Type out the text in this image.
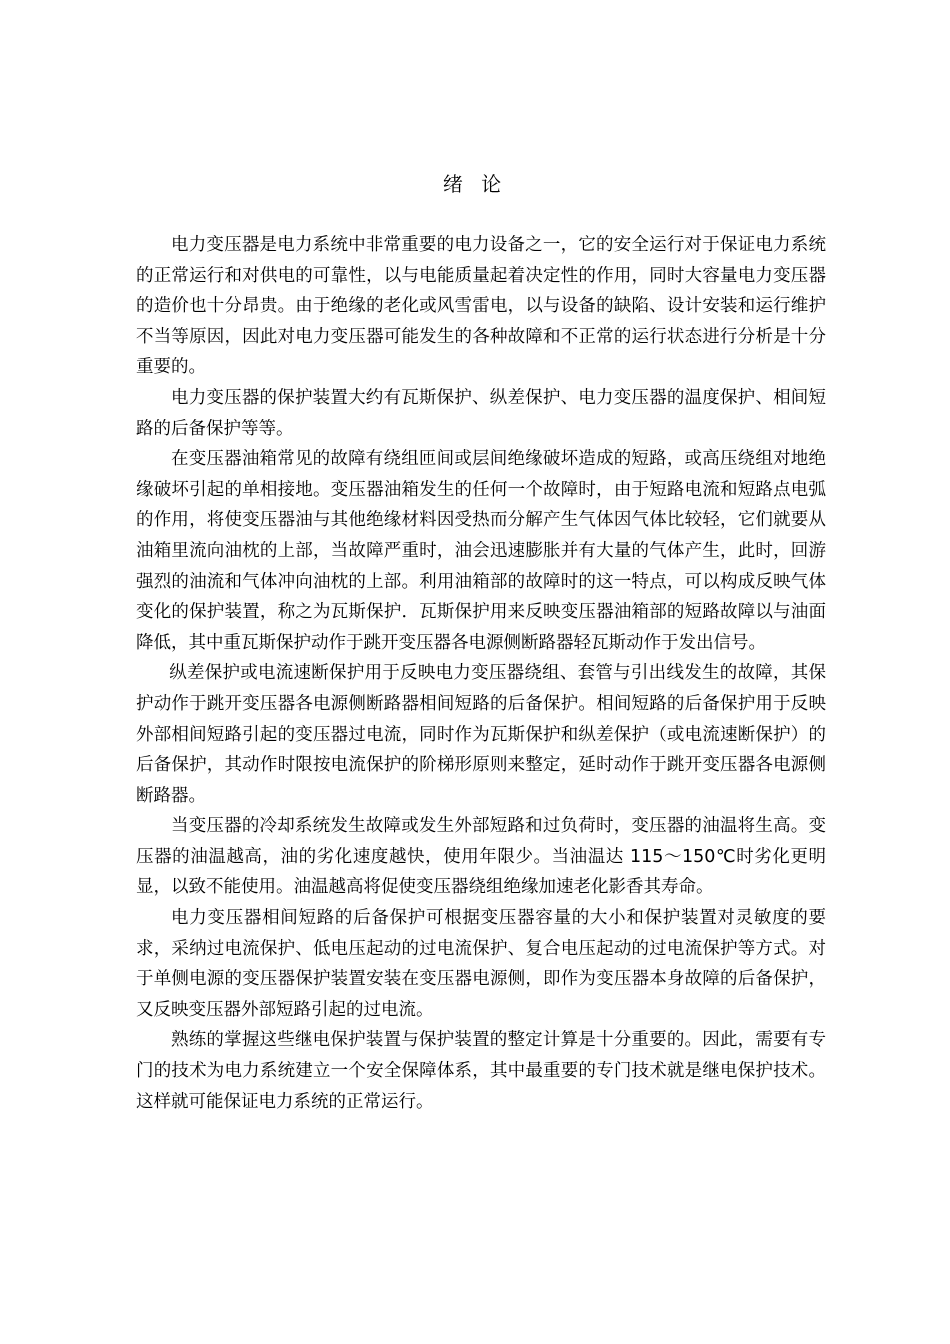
绪 论

电力变压器是电力系统中非常重要的电力设备之一，它的安全运行对于保证电力系统的正常运行和对供电的可靠性，以与电能质量起着决定性的作用，同时大容量电力变压器的造价也十分昂贵。由于绝缘的老化或风雪雷电，以与设备的缺陷、设计安装和运行维护不当等原因，因此对电力变压器可能发生的各种故障和不正常的运行状态进行分析是十分重要的。

电力变压器的保护装置大约有瓦斯保护、纵差保护、电力变压器的温度保护、相间短路的后备保护等等。

在变压器油箱常见的故障有绕组匝间或层间绝缘破坏造成的短路，或高压绕组对地绝缘破坏引起的单相接地。变压器油箱发生的任何一个故障时，由于短路电流和短路点电弧的作用，将使变压器油与其他绝缘材料因受热而分解产生气体因气体比较轻，它们就要从油箱里流向油枕的上部，当故障严重时，油会迅速膨胀并有大量的气体产生，此时，回游强烈的油流和气体冲向油枕的上部。利用油箱部的故障时的这一特点，可以构成反映气体变化的保护装置，称之为瓦斯保护．瓦斯保护用来反映变压器油箱部的短路故障以与油面降低，其中重瓦斯保护动作于跳开变压器各电源侧断路器轻瓦斯动作于发出信号。

纵差保护或电流速断保护用于反映电力变压器绕组、套管与引出线发生的故障，其保护动作于跳开变压器各电源侧断路器相间短路的后备保护。相间短路的后备保护用于反映外部相间短路引起的变压器过电流，同时作为瓦斯保护和纵差保护（或电流速断保护）的后备保护，其动作时限按电流保护的阶梯形原则来整定，延时动作于跳开变压器各电源侧断路器。

当变压器的冷却系统发生故障或发生外部短路和过负荷时，变压器的油温将生高。变压器的油温越高，油的劣化速度越快，使用年限少。当油温达 115～150℃时劣化更明显，以致不能使用。油温越高将促使变压器绕组绝缘加速老化影香其寿命。

电力变压器相间短路的后备保护可根据变压器容量的大小和保护装置对灵敏度的要求，采纳过电流保护、低电压起动的过电流保护、复合电压起动的过电流保护等方式。对于单侧电源的变压器保护装置安装在变压器电源侧，即作为变压器本身故障的后备保护，又反映变压器外部短路引起的过电流。

熟练的掌握这些继电保护装置与保护装置的整定计算是十分重要的。因此，需要有专门的技术为电力系统建立一个安全保障体系，其中最重要的专门技术就是继电保护技术。这样就可能保证电力系统的正常运行。
